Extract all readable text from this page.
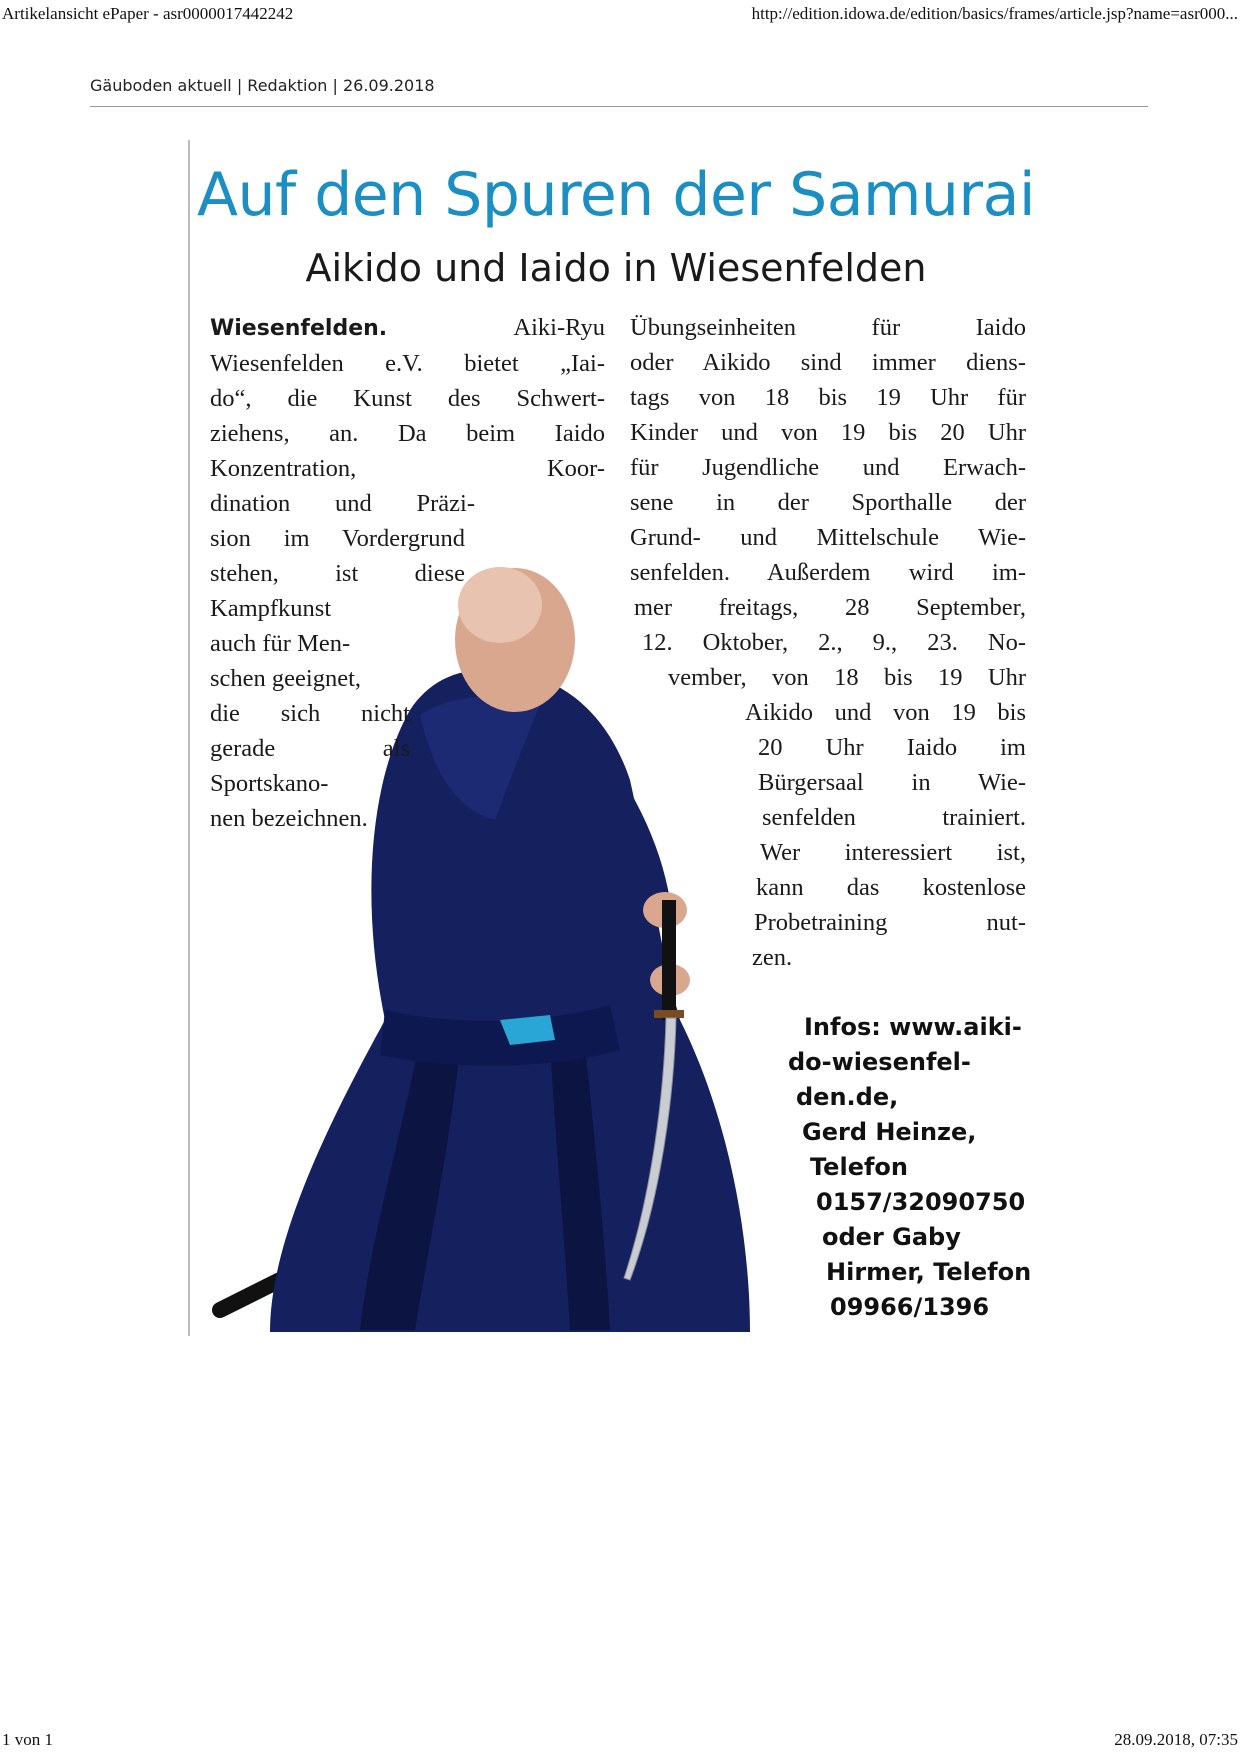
Artikelansicht ePaper - asr0000017442242	http://edition.idowa.de/edition/basics/frames/article.jsp?name=asr000...
Gäuboden aktuell | Redaktion | 26.09.2018
Auf den Spuren der Samurai
Aikido und Iaido in Wiesenfelden
Wiesenfelden.	Aiki-Ryu
Wiesenfelden e.V. bietet „Iai-
do“, die Kunst des Schwert-
ziehens, an. Da beim Iaido
Konzentration, Koor-
dination und Präzi-
sion im Vordergrund
stehen, ist diese
Kampfkunst
auch für Men-
schen geeignet,
die sich nicht
gerade als
Sportskano-
nen bezeichnen.
Übungseinheiten für Iaido
oder Aikido sind immer diens-
tags von 18 bis 19 Uhr für
Kinder und von 19 bis 20 Uhr
für Jugendliche und Erwach-
sene in der Sporthalle der
Grund- und Mittelschule Wie-
senfelden. Außerdem wird im-
mer freitags, 28 September,
12. Oktober, 2., 9., 23. No-
vember, von 18 bis 19 Uhr
Aikido und von 19 bis
20 Uhr Iaido im
Bürgersaal in Wie-
senfelden trainiert.
Wer interessiert ist,
kann das kostenlose
Probetraining nut-
zen.
Infos: www.aiki-
do-wiesenfel-
den.de,
Gerd Heinze,
Telefon
0157/32090750
oder Gaby
Hirmer, Telefon
09966/1396
1 von 1	28.09.2018, 07:35
